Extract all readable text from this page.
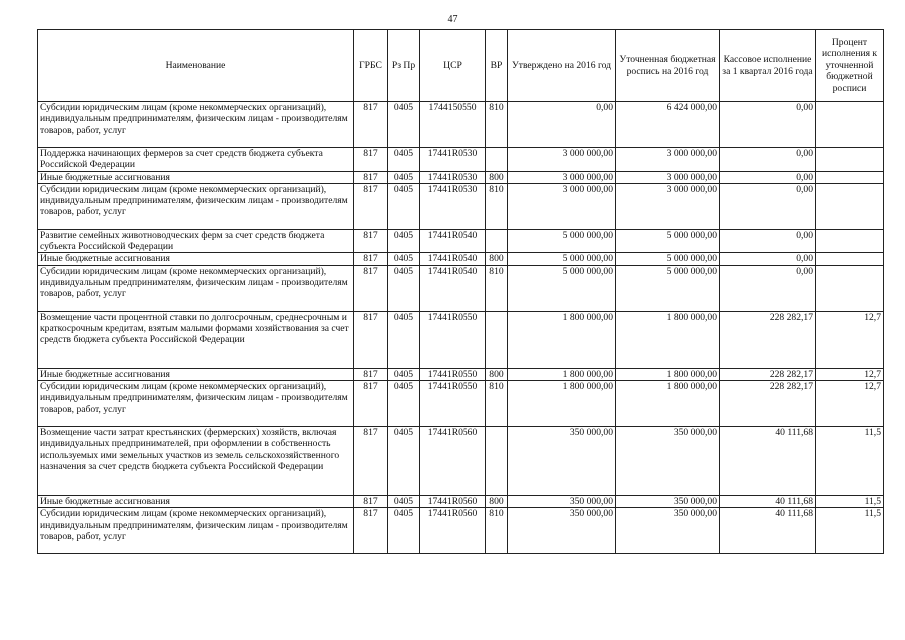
47
Наименование	ГРБС	Рз Пр	ЦСР	ВР	Утверждено на 2016 год	Уточненная бюджетная роспись на 2016 год	Кассовое исполнение за 1 квартал 2016 года	Процент исполнения к уточненной бюджетной росписи
Субсидии юридическим лицам (кроме некоммерческих организаций), индивидуальным предпринимателям, физическим лицам - производителям товаров, работ, услуг	817	0405	1744150550	810	0,00	6 424 000,00	0,00	
Поддержка начинающих фермеров за счет средств бюджета субъекта Российской Федерации	817	0405	17441R0530		3 000 000,00	3 000 000,00	0,00	
Иные бюджетные ассигнования	817	0405	17441R0530	800	3 000 000,00	3 000 000,00	0,00	
Субсидии юридическим лицам (кроме некоммерческих организаций), индивидуальным предпринимателям, физическим лицам - производителям товаров, работ, услуг	817	0405	17441R0530	810	3 000 000,00	3 000 000,00	0,00	
Развитие семейных животноводческих ферм за счет средств бюджета субъекта Российской Федерации	817	0405	17441R0540		5 000 000,00	5 000 000,00	0,00	
Иные бюджетные ассигнования	817	0405	17441R0540	800	5 000 000,00	5 000 000,00	0,00	
Субсидии юридическим лицам (кроме некоммерческих организаций), индивидуальным предпринимателям, физическим лицам - производителям товаров, работ, услуг	817	0405	17441R0540	810	5 000 000,00	5 000 000,00	0,00	
Возмещение части процентной ставки по долгосрочным, среднесрочным и краткосрочным кредитам, взятым малыми формами хозяйствования за счет средств бюджета субъекта Российской Федерации	817	0405	17441R0550		1 800 000,00	1 800 000,00	228 282,17	12,7
Иные бюджетные ассигнования	817	0405	17441R0550	800	1 800 000,00	1 800 000,00	228 282,17	12,7
Субсидии юридическим лицам (кроме некоммерческих организаций), индивидуальным предпринимателям, физическим лицам - производителям товаров, работ, услуг	817	0405	17441R0550	810	1 800 000,00	1 800 000,00	228 282,17	12,7
Возмещение части затрат крестьянских (фермерских) хозяйств, включая индивидуальных предпринимателей, при оформлении в собственность используемых ими земельных участков из земель сельскохозяйственного назначения за счет средств бюджета субъекта Российской Федерации	817	0405	17441R0560		350 000,00	350 000,00	40 111,68	11,5
Иные бюджетные ассигнования	817	0405	17441R0560	800	350 000,00	350 000,00	40 111,68	11,5
Субсидии юридическим лицам (кроме некоммерческих организаций), индивидуальным предпринимателям, физическим лицам - производителям товаров, работ, услуг	817	0405	17441R0560	810	350 000,00	350 000,00	40 111,68	11,5
